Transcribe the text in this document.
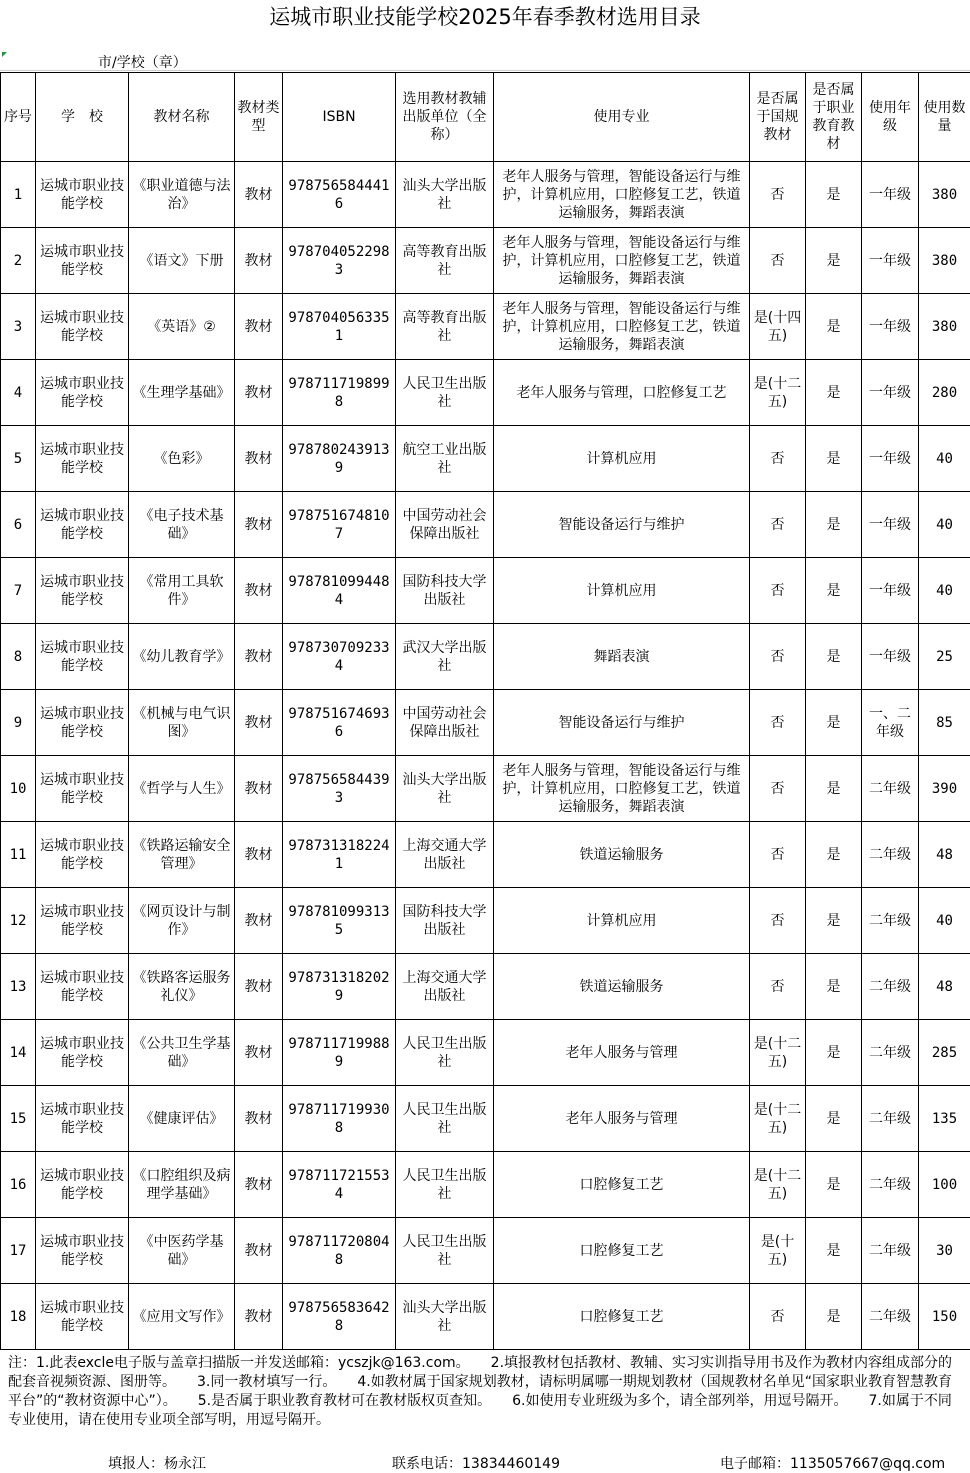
运城市职业技能学校2025年春季教材选用目录
市/学校（章）
序号	学　校	教材名称	教材类型	ISBN	选用教材教辅出版单位（全称）	使用专业	是否属于国规教材	是否属于职业教育教材	使用年级	使用数量
1	运城市职业技能学校	《职业道德与法治》	教材	9787565844416	汕头大学出版社	老年人服务与管理，智能设备运行与维护，计算机应用，口腔修复工艺，铁道运输服务，舞蹈表演	否	是	一年级	380
2	运城市职业技能学校	《语文》下册	教材	9787040522983	高等教育出版社	老年人服务与管理，智能设备运行与维护，计算机应用，口腔修复工艺，铁道运输服务，舞蹈表演	否	是	一年级	380
3	运城市职业技能学校	《英语》②	教材	9787040563351	高等教育出版社	老年人服务与管理，智能设备运行与维护，计算机应用，口腔修复工艺，铁道运输服务，舞蹈表演	是(十四五)	是	一年级	380
4	运城市职业技能学校	《生理学基础》	教材	9787117198998	人民卫生出版社	老年人服务与管理，口腔修复工艺	是(十二五)	是	一年级	280
5	运城市职业技能学校	《色彩》	教材	9787802439139	航空工业出版社	计算机应用	否	是	一年级	40
6	运城市职业技能学校	《电子技术基础》	教材	9787516748107	中国劳动社会保障出版社	智能设备运行与维护	否	是	一年级	40
7	运城市职业技能学校	《常用工具软件》	教材	9787810994484	国防科技大学出版社	计算机应用	否	是	一年级	40
8	运城市职业技能学校	《幼儿教育学》	教材	9787307092334	武汉大学出版社	舞蹈表演	否	是	一年级	25
9	运城市职业技能学校	《机械与电气识图》	教材	9787516746936	中国劳动社会保障出版社	智能设备运行与维护	否	是	一、二年级	85
10	运城市职业技能学校	《哲学与人生》	教材	9787565844393	汕头大学出版社	老年人服务与管理，智能设备运行与维护，计算机应用，口腔修复工艺，铁道运输服务，舞蹈表演	否	是	二年级	390
11	运城市职业技能学校	《铁路运输安全管理》	教材	9787313182241	上海交通大学出版社	铁道运输服务	否	是	二年级	48
12	运城市职业技能学校	《网页设计与制作》	教材	9787810993135	国防科技大学出版社	计算机应用	否	是	二年级	40
13	运城市职业技能学校	《铁路客运服务礼仪》	教材	9787313182029	上海交通大学出版社	铁道运输服务	否	是	二年级	48
14	运城市职业技能学校	《公共卫生学基础》	教材	9787117199889	人民卫生出版社	老年人服务与管理	是(十二五)	是	二年级	285
15	运城市职业技能学校	《健康评估》	教材	9787117199308	人民卫生出版社	老年人服务与管理	是(十二五)	是	二年级	135
16	运城市职业技能学校	《口腔组织及病理学基础》	教材	9787117215534	人民卫生出版社	口腔修复工艺	是(十二五)	是	二年级	100
17	运城市职业技能学校	《中医药学基础》	教材	9787117208048	人民卫生出版社	口腔修复工艺	是(十五)	是	二年级	30
18	运城市职业技能学校	《应用文写作》	教材	9787565836428	汕头大学出版社	口腔修复工艺	否	是	二年级	150
注：1.此表excle电子版与盖章扫描版一并发送邮箱：ycszjk@163.com。　　2.填报教材包括教材、教辅、实习实训指导用书及作为教材内容组成部分的配套音视频资源、图册等。　　3.同一教材填写一行。　　4.如教材属于国家规划教材，请标明属哪一期规划教材（国规教材名单见“国家职业教育智慧教育平台”的“教材资源中心”）。　　5.是否属于职业教育教材可在教材版权页查知。　　6.如使用专业班级为多个，请全部列举，用逗号隔开。　　7.如属于不同专业使用，请在使用专业项全部写明，用逗号隔开。
填报人：杨永江	联系电话：13834460149	电子邮箱：1135057667@qq.com
